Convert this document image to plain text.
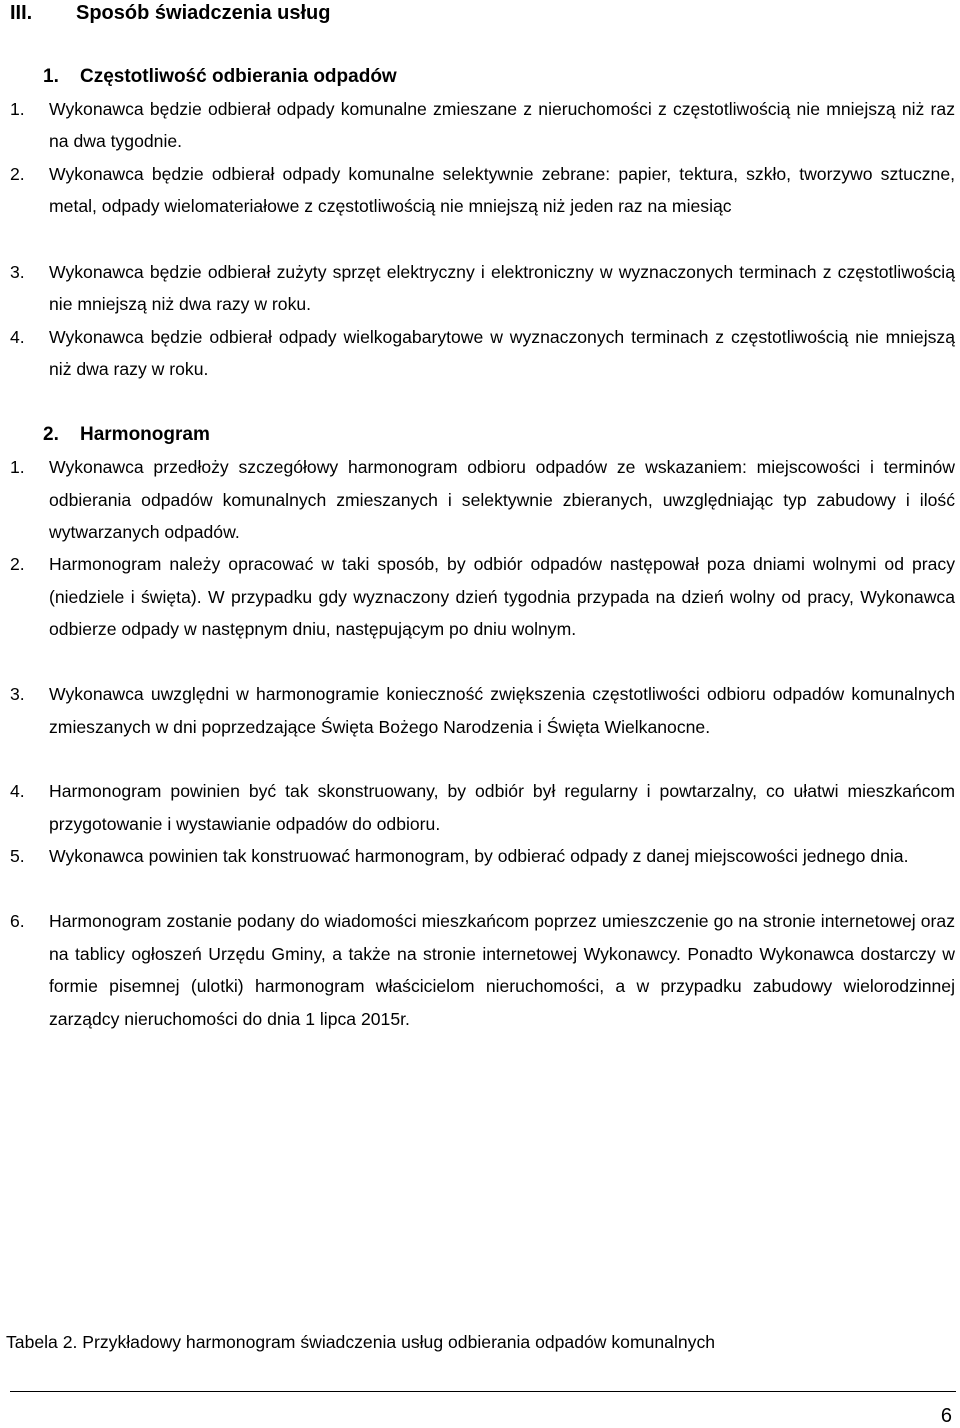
III. Sposób świadczenia usług
1. Częstotliwość odbierania odpadów
1.	Wykonawca będzie odbierał odpady komunalne zmieszane z nieruchomości z częstotliwością nie mniejszą niż raz na dwa tygodnie.
2.	Wykonawca będzie odbierał odpady komunalne selektywnie zebrane: papier, tektura, szkło, tworzywo sztuczne, metal, odpady wielomateriałowe z częstotliwością nie mniejszą niż jeden raz na miesiąc
3.	Wykonawca będzie odbierał zużyty sprzęt elektryczny i elektroniczny w wyznaczonych terminach z częstotliwością nie mniejszą niż dwa razy w roku.
4.	Wykonawca będzie odbierał odpady wielkogabarytowe w wyznaczonych terminach z częstotliwością nie mniejszą niż dwa razy w roku.
2. Harmonogram
1.	Wykonawca przedłoży szczegółowy harmonogram odbioru odpadów ze wskazaniem: miejscowości i terminów odbierania odpadów komunalnych zmieszanych i selektywnie zbieranych, uwzględniając typ zabudowy i ilość wytwarzanych odpadów.
2.	Harmonogram należy opracować w taki sposób, by odbiór odpadów następował poza dniami wolnymi od pracy (niedziele i święta). W przypadku gdy wyznaczony dzień tygodnia przypada na dzień wolny od pracy, Wykonawca odbierze odpady w następnym dniu, następującym po dniu wolnym.
3.	Wykonawca uwzględni w harmonogramie konieczność zwiększenia częstotliwości odbioru odpadów komunalnych zmieszanych w dni poprzedzające Święta Bożego Narodzenia i Święta Wielkanocne.
4.	Harmonogram powinien być tak skonstruowany, by odbiór był regularny i powtarzalny, co ułatwi mieszkańcom przygotowanie i wystawianie odpadów do odbioru.
5.	Wykonawca powinien tak konstruować harmonogram, by odbierać odpady z danej miejscowości jednego dnia.
6.	Harmonogram zostanie podany do wiadomości mieszkańcom poprzez umieszczenie go na stronie internetowej oraz na tablicy ogłoszeń Urzędu Gminy, a także na stronie internetowej Wykonawcy. Ponadto Wykonawca dostarczy w formie pisemnej (ulotki) harmonogram właścicielom nieruchomości, a w przypadku zabudowy wielorodzinnej zarządcy nieruchomości do dnia 1 lipca 2015r.
Tabela 2. Przykładowy harmonogram świadczenia usług odbierania odpadów komunalnych
6
